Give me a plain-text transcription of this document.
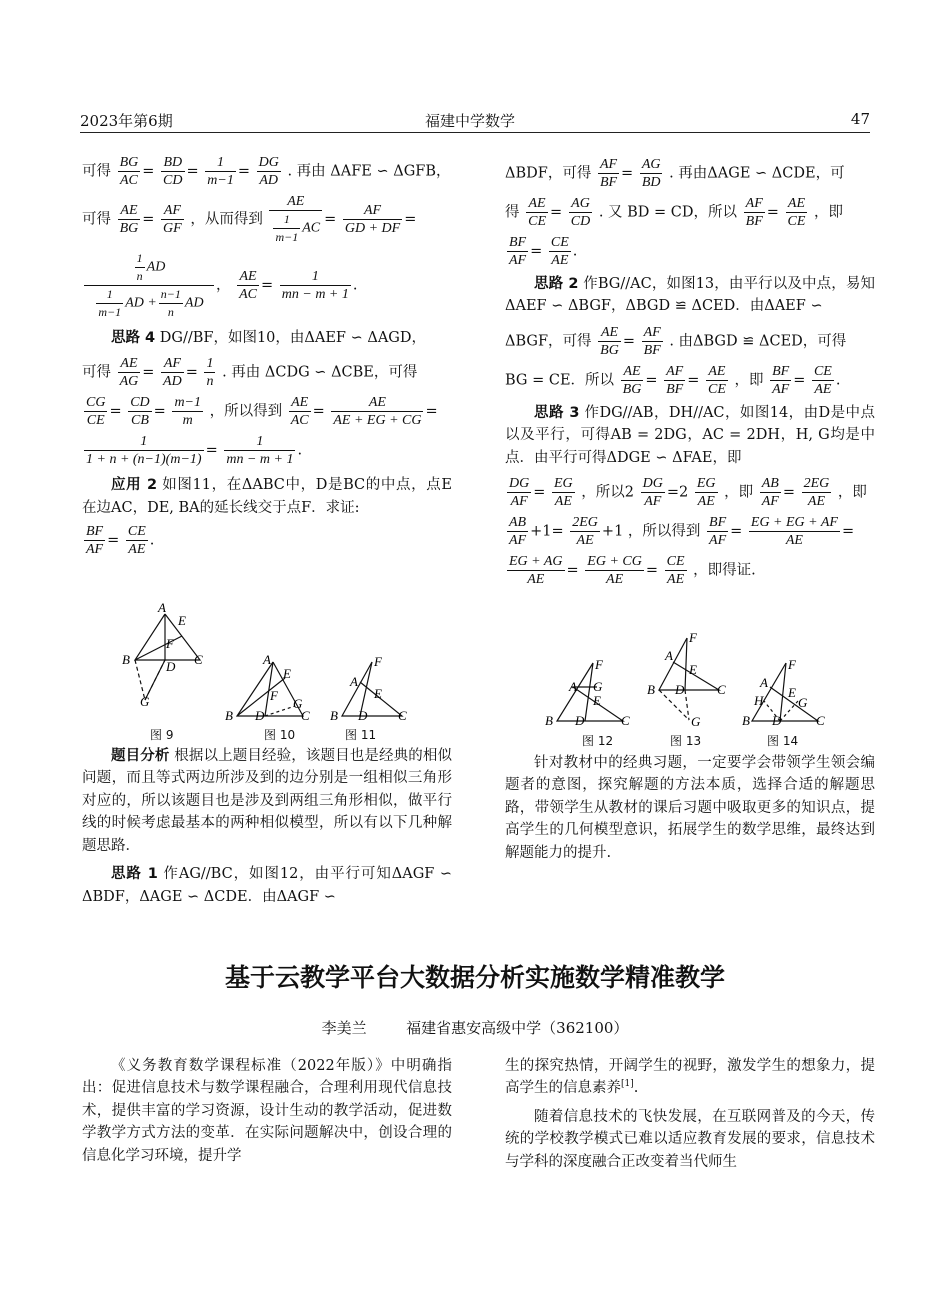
2023年第6期	福建中学数学	47
可得 $\frac{BG}{AC} = \frac{BD}{CD} = \frac{1}{m-1} = \frac{DG}{AD}$ . 再由 ΔAFE ∽ ΔGFB，
可得 $\frac{AE}{BG} = \frac{AF}{GF}$ ，从而得到 $\frac{AE}{\frac{1}{m-1} AC} = \frac{AF}{GD + DF}$ =
$\frac{\frac{1}{n} AD}{\frac{1}{m-1} AD + \frac{n-1}{n} AD}$ ， $\frac{AE}{AC} = \frac{1}{mn - m + 1}$ .

思路 4 DG//BF，如图10，由ΔAEF ∽ ΔAGD，

可得 $\frac{AE}{AG} = \frac{AF}{AD} = \frac{1}{n}$ . 再由 ΔCDG ∽ ΔCBE，可得
$\frac{CG}{CE} = \frac{CD}{CB} = \frac{m-1}{m}$ ，所以得到 $\frac{AE}{AC} = \frac{AE}{AE + EG + CG}$ =
$\frac{1}{1 + n + (n-1)(m-1)} = \frac{1}{mn - m + 1}$ .

应用 2 如图11，在ΔABC中，D是BC的中点，点E在边AC，DE, BA的延长线交于点F．求证:

$\frac{BF}{AF} = \frac{CE}{AE}$ .
A
E
F
B	D C
G
图 9
A
E
F
G
B D	C
图 10
F
A
E
B D C
图 11

题目分析 根据以上题目经验，该题目也是经典的相似问题，而且等式两边所涉及到的边分别是一组相似三角形对应的，所以该题目也是涉及到两组三角形相似，做平行线的时候考虑最基本的两种相似模型，所以有以下几种解题思路．

思路 1 作AG//BC，如图12，由平行可知ΔAGF ∽ ΔBDF，ΔAGE ∽ ΔCDE．由ΔAGF ∽

ΔBDF，可得 $\frac{AF}{BF} = \frac{AG}{BD}$ . 再由ΔAGE ∽ ΔCDE，可
得 $\frac{AE}{CE} = \frac{AG}{CD}$ . 又 BD = CD，所以 $\frac{AF}{BF} = \frac{AE}{CE}$ ，即
$\frac{BF}{AF} = \frac{CE}{AE}$ .

思路 2 作BG//AC，如图13，由平行以及中点，易知ΔAEF ∽ ΔBGF，ΔBGD ≌ ΔCED．由ΔAEF ∽

ΔBGF，可得 $\frac{AE}{BG} = \frac{AF}{BF}$ . 由ΔBGD ≌ ΔCED，可得
BG = CE．所以 $\frac{AE}{BG} = \frac{AF}{BF} = \frac{AE}{CE}$ ，即 $\frac{BF}{AF} = \frac{CE}{AE}$ .

思路 3 作DG//AB，DH//AC，如图14，由D是中点以及平行，可得AB = 2DG，AC = 2DH，H, G均是中点．由平行可得ΔDGE ∽ ΔFAE，即

$\frac{DG}{AF} = \frac{EG}{AE}$ ，所以$2 \frac{DG}{AF} =2 \frac{EG}{AE}$ ，即 $\frac{AB}{AF} = \frac{2EG}{AE}$ ，即
$\frac{AB}{AF} +1= \frac{2EG}{AE} +1$ ，所以得到 $\frac{BF}{AF} = \frac{EG + EG + AF}{AE}$ =
$\frac{EG + AG}{AE} = \frac{EG + CG}{AE} = \frac{CE}{AE}$ ，即得证.
F
A G
E
B D	C
图 12
F
A
E
B D	C
G
图 13
F
A
H
E
G
B D	C
图 14

针对教材中的经典习题，一定要学会带领学生领会编题者的意图，探究解题的方法本质，选择合适的解题思路，带领学生从教材的课后习题中吸取更多的知识点，提高学生的几何模型意识，拓展学生的数学思维，最终达到解题能力的提升.

基于云教学平台大数据分析实施数学精准教学
李美兰	福建省惠安高级中学（362100）

《义务教育数学课程标准（2022年版）》中明确指出：促进信息技术与数学课程融合，合理利用现代信息技术，提供丰富的学习资源，设计生动的教学活动，促进数学教学方式方法的变革．在实际问题解决中，创设合理的信息化学习环境，提升学

生的探究热情，开阔学生的视野，激发学生的想象力，提高学生的信息素养[1].

随着信息技术的飞快发展，在互联网普及的今天，传统的学校教学模式已难以适应教育发展的要求，信息技术与学科的深度融合正改变着当代师生
